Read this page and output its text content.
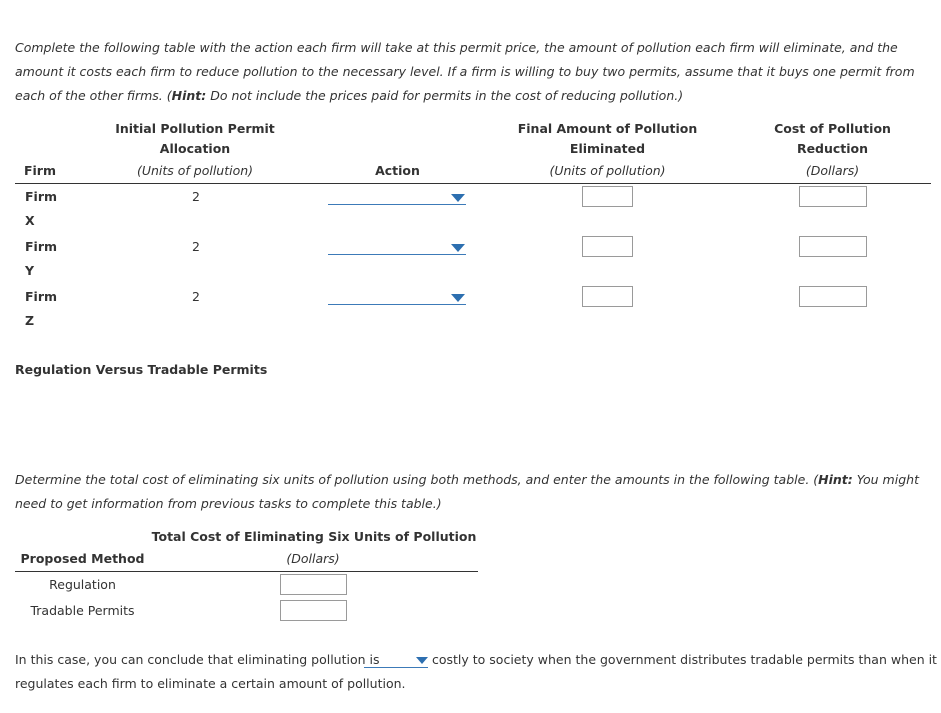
Complete the following table with the action each firm will take at this permit price, the amount of pollution each firm will eliminate, and the amount it costs each firm to reduce pollution to the necessary level. If a firm is willing to buy two permits, assume that it buys one permit from each of the other firms. (Hint: Do not include the prices paid for permits in the cost of reducing pollution.)
Initial Pollution Permit
Allocation
(Units of pollution)
Firm	Action
Final Amount of Pollution
Eliminated
(Units of pollution)
Cost of Pollution
Reduction
(Dollars)
Firm
X
2
Firm
Y
2
Firm
Z
2
Regulation Versus Tradable Permits
Determine the total cost of eliminating six units of pollution using both methods, and enter the amounts in the following table. (Hint: You might need to get information from previous tasks to complete this table.)
Total Cost of Eliminating Six Units of Pollution
(Dollars)
Proposed Method
Regulation
Tradable Permits
In this case, you can conclude that eliminating pollution is	costly to society when the government distributes tradable permits than when it
regulates each firm to eliminate a certain amount of pollution.
